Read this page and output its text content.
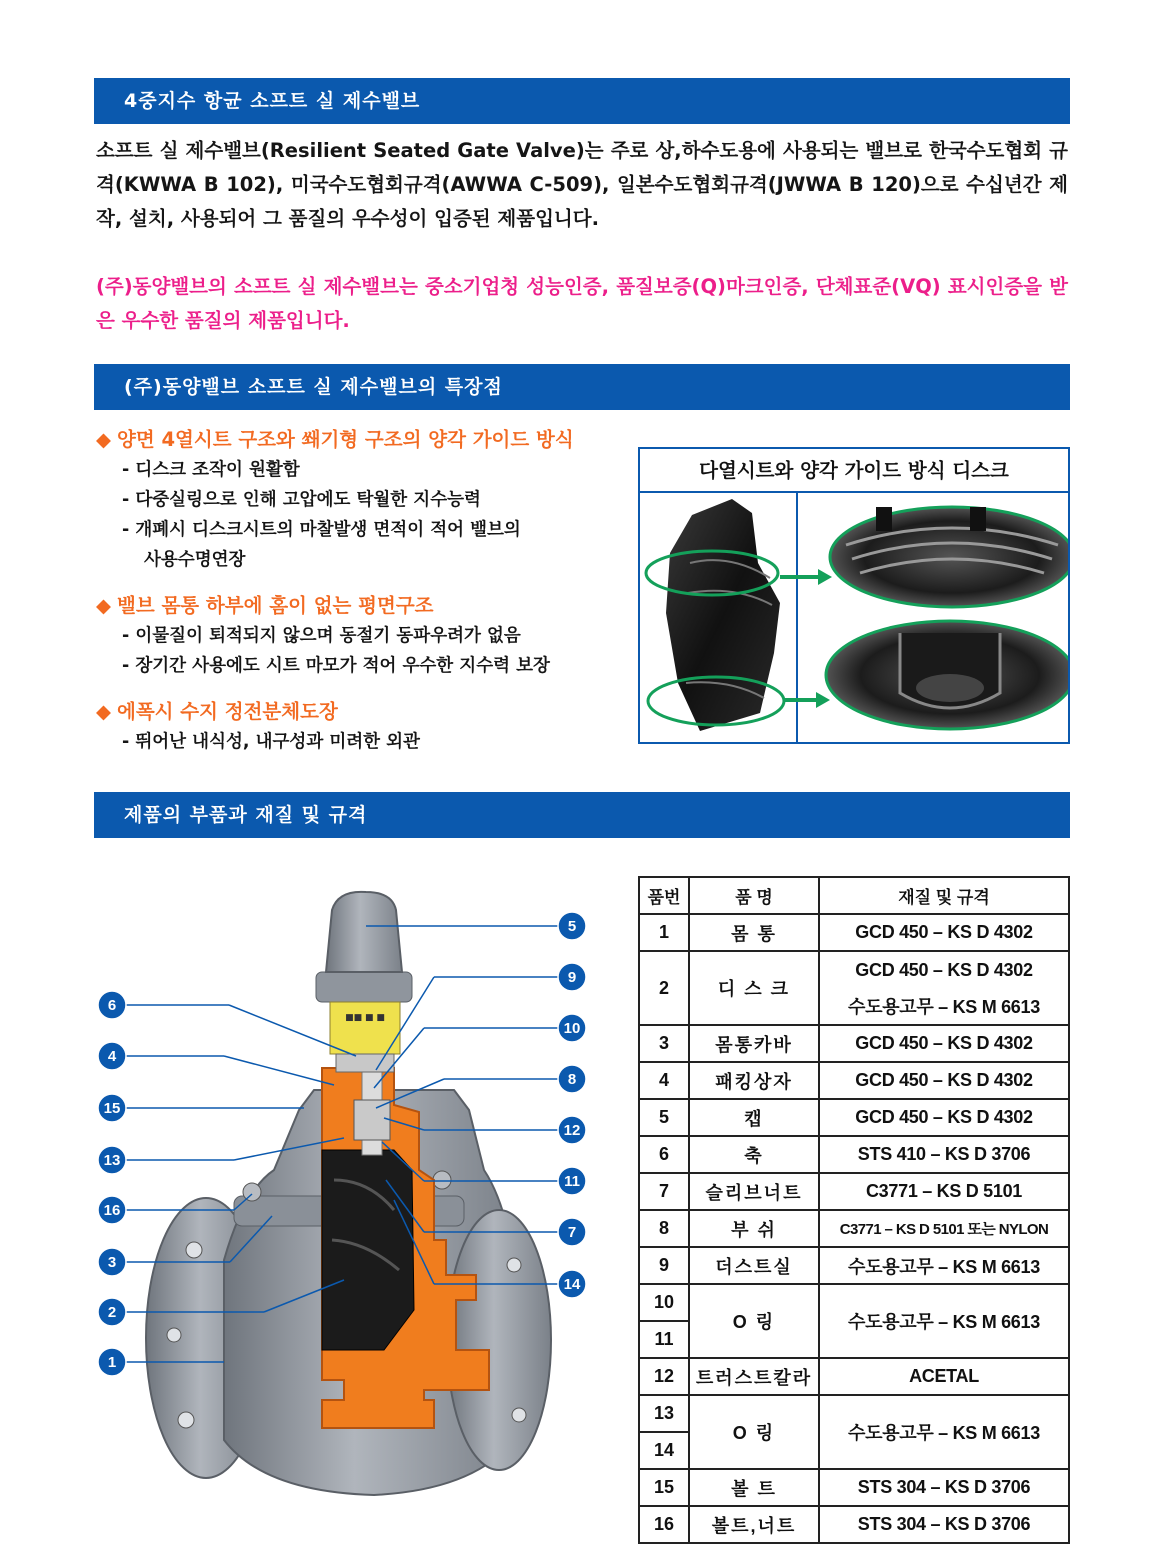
4중지수 항균 소프트 실 제수밸브

소프트 실 제수밸브(Resilient Seated Gate Valve)는 주로 상,하수도용에 사용되는 밸브로 한국수도협회 규격(KWWA B 102), 미국수도협회규격(AWWA C-509), 일본수도협회규격(JWWA B 120)으로 수십년간 제작, 설치, 사용되어 그 품질의 우수성이 입증된 제품입니다.

(주)동양밸브의 소프트 실 제수밸브는 중소기업청 성능인증, 품질보증(Q)마크인증, 단체표준(VQ) 표시인증을 받은 우수한 품질의 제품입니다.

(주)동양밸브 소프트 실 제수밸브의 특장점
◆ 양면 4열시트 구조와 쐐기형 구조의 양각 가이드 방식
- 디스크 조작이 원활함
- 다중실링으로 인해 고압에도 탁월한 지수능력
- 개폐시 디스크시트의 마찰발생 면적이 적어 밸브의
사용수명연장
◆ 밸브 몸통 하부에 홈이 없는 평면구조
- 이물질이 퇴적되지 않으며 동절기 동파우려가 없음
- 장기간 사용에도 시트 마모가 적어 우수한 지수력 보장
◆ 에폭시 수지 정전분체도장
- 뛰어난 내식성, 내구성과 미려한 외관
다열시트와 양각 가이드 방식 디스크
제품의 부품과 재질 및 규격
■■ ■ ■
6
4
15
13
16
3
2
1
5
9
10
8
12
11
7
14
품번	품 명	재질 및 규격
1	몸 통	GCD 450 – KS D 4302
2	디 스 크	GCD 450 – KS D 4302
		수도용고무 – KS M 6613
3	몸통카바	GCD 450 – KS D 4302
4	패킹상자	GCD 450 – KS D 4302
5	캡	GCD 450 – KS D 4302
6	축	STS 410 – KS D 3706
7	슬리브너트	C3771 – KS D 5101
8	부 쉬	C3771 – KS D 5101 또는 NYLON
9	더스트실	수도용고무 – KS M 6613
10	O 링	수도용고무 – KS M 6613
11		
12	트러스트칼라	ACETAL
13	O 링	수도용고무 – KS M 6613
14		
15	볼 트	STS 304 – KS D 3706
16	볼트,너트	STS 304 – KS D 3706
